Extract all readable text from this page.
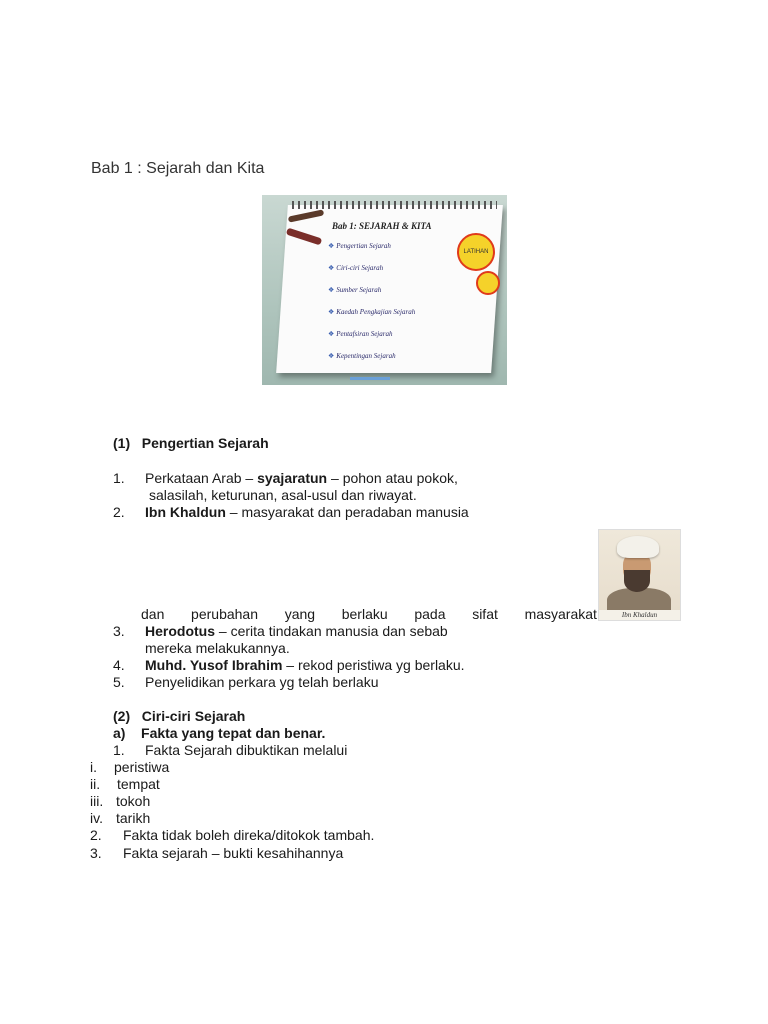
Bab 1 : Sejarah dan Kita
Bab 1: SEJARAH & KITA
❖ Pengertian Sejarah
❖ Ciri-ciri Sejarah
❖ Sumber Sejarah
❖ Kaedah Pengkajian Sejarah
❖ Pentafsiran Sejarah
❖ Kepentingan Sejarah
LATIHAN
(1) Pengertian Sejarah
1. Perkataan Arab – syajaratun – pohon atau pokok,
salasilah, keturunan, asal-usul dan riwayat.
2. Ibn Khaldun – masyarakat dan peradaban manusia
Ibn Khaldun
dan perubahan yang berlaku pada sifat masyarakat
3. Herodotus – cerita tindakan manusia dan sebab
mereka melakukannya.
4. Muhd. Yusof Ibrahim – rekod peristiwa yg berlaku.
5. Penyelidikan perkara yg telah berlaku
(2) Ciri-ciri Sejarah
a) Fakta yang tepat dan benar.
1. Fakta Sejarah dibuktikan melalui
i. peristiwa
ii. tempat
iii. tokoh
iv. tarikh
2. Fakta tidak boleh direka/ditokok tambah.
3. Fakta sejarah – bukti kesahihannya
